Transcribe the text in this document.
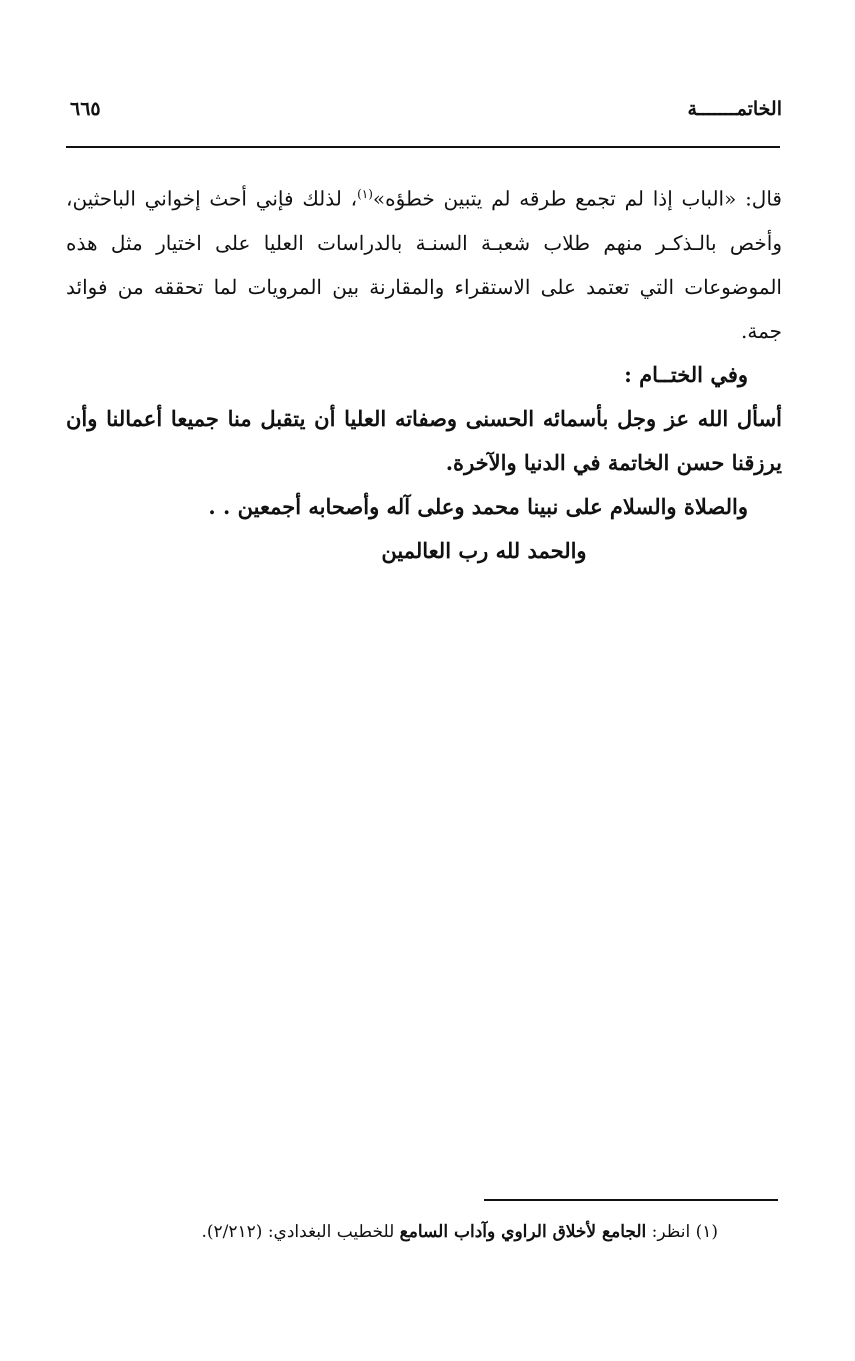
الخاتمـــــــة
٦٦٥

قال: «الباب إذا لم تجمع طرقه لم يتبين خطؤه»$^{(١)}$، لذلك فإني أحث إخواني الباحثين، وأخص بالـذكـر منهم طلاب شعبـة السنـة بالدراسات العليا على اختيار مثل هذه الموضوعات التي تعتمد على الاستقراء والمقارنة بين المرويات لما تحققه من فوائد جمة.

وفي الختــام :

أسأل الله عز وجل بأسمائه الحسنى وصفاته العليا أن يتقبل منا جميعا أعمالنا وأن يرزقنا حسن الخاتمة في الدنيا والآخرة.

والصلاة والسلام على نبينا محمد وعلى آله وأصحابه أجمعين . .

والحمد لله رب العالمين

(١) انظر: الجامع لأخلاق الراوي وآداب السامع للخطيب البغدادي: (٢/٢١٢).
